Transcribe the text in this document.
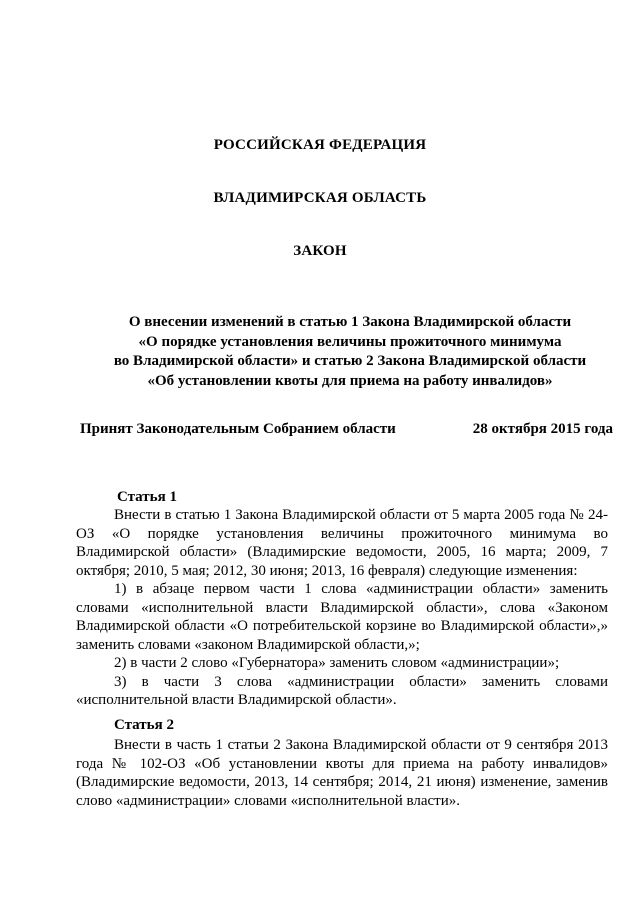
РОССИЙСКАЯ ФЕДЕРАЦИЯ
ВЛАДИМИРСКАЯ ОБЛАСТЬ
ЗАКОН
О внесении изменений в статью 1 Закона Владимирской области
«О порядке установления величины прожиточного минимума
во Владимирской области» и статью 2 Закона Владимирской области
«Об установлении квоты для приема на работу инвалидов»
Принят Законодательным Собранием области	28 октября 2015 года
Статья 1

Внести в статью 1 Закона Владимирской области от 5 марта 2005 года № 24-ОЗ «О порядке установления величины прожиточного минимума во Владимирской области» (Владимирские ведомости, 2005, 16 марта; 2009, 7 октября; 2010, 5 мая; 2012, 30 июня; 2013, 16 февраля) следующие изменения:

1) в абзаце первом части 1 слова «администрации области» заменить словами «исполнительной власти Владимирской области», слова «Законом Владимирской области «О потребительской корзине во Владимирской области»,» заменить словами «законом Владимирской области,»;

2) в части 2 слово «Губернатора» заменить словом «администрации»;

3) в части 3 слова «администрации области» заменить словами «исполнительной власти Владимирской области».

Статья 2

Внести в часть 1 статьи 2 Закона Владимирской области от 9 сентября 2013 года № 102-ОЗ «Об установлении квоты для приема на работу инвалидов» (Владимирские ведомости, 2013, 14 сентября; 2014, 21 июня) изменение, заменив слово «администрации» словами «исполнительной власти».
